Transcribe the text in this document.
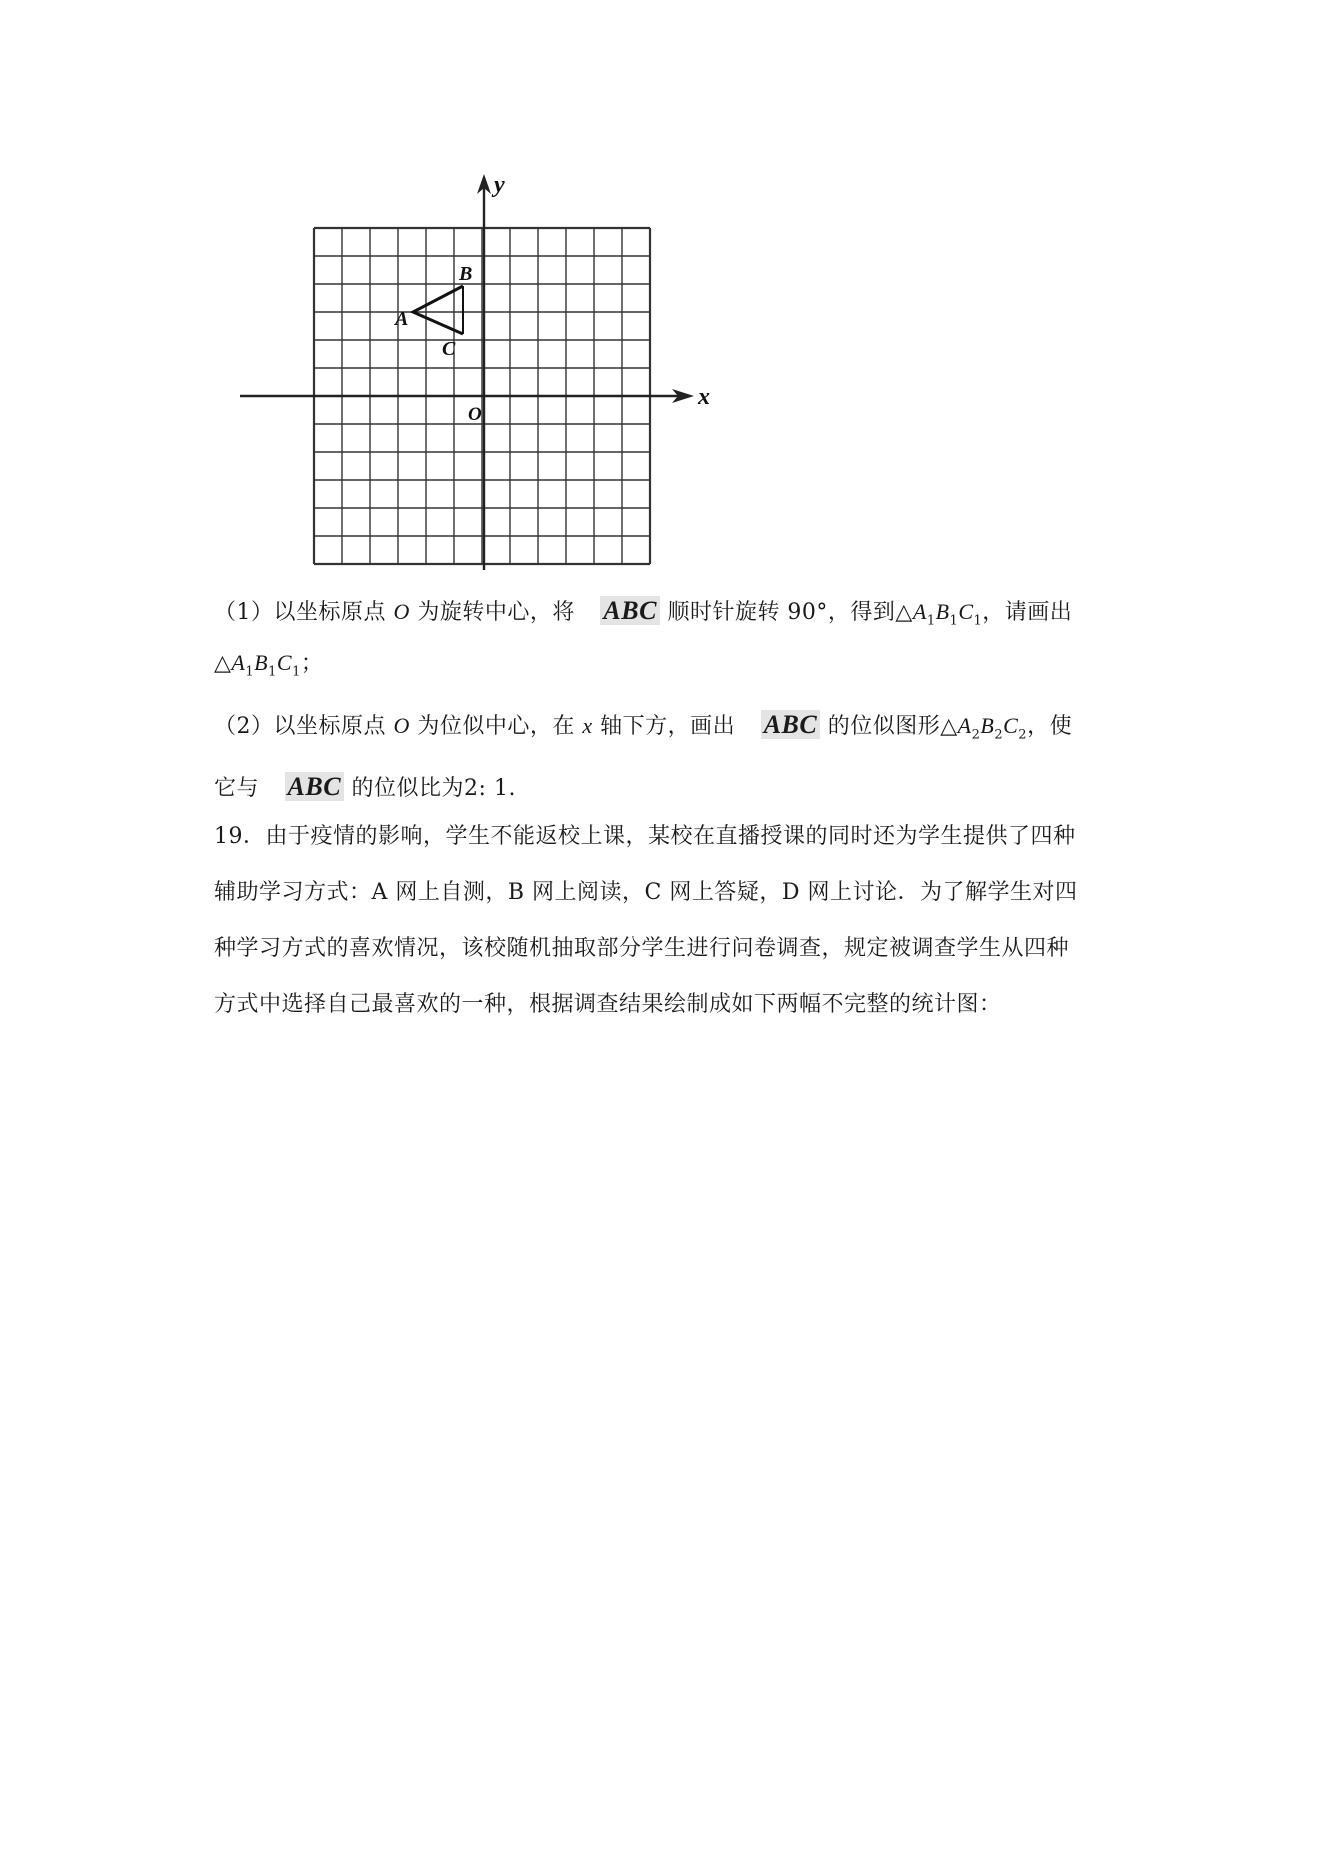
x
y
O
A
B
C
（1）以坐标原点 O 为旋转中心，将 ABC 顺时针旋转 90°，得到$\triangle A_1B_1C_1$，请画出
$\triangle A_1B_1C_1$；
（2）以坐标原点 O 为位似中心，在 x 轴下方，画出 ABC 的位似图形$\triangle A_2B_2C_2$，使
它与 ABC 的位似比为2: 1.
19．由于疫情的影响，学生不能返校上课，某校在直播授课的同时还为学生提供了四种
辅助学习方式：A 网上自测，B 网上阅读，C 网上答疑，D 网上讨论．为了解学生对四
种学习方式的喜欢情况，该校随机抽取部分学生进行问卷调查，规定被调查学生从四种
方式中选择自己最喜欢的一种，根据调查结果绘制成如下两幅不完整的统计图：
